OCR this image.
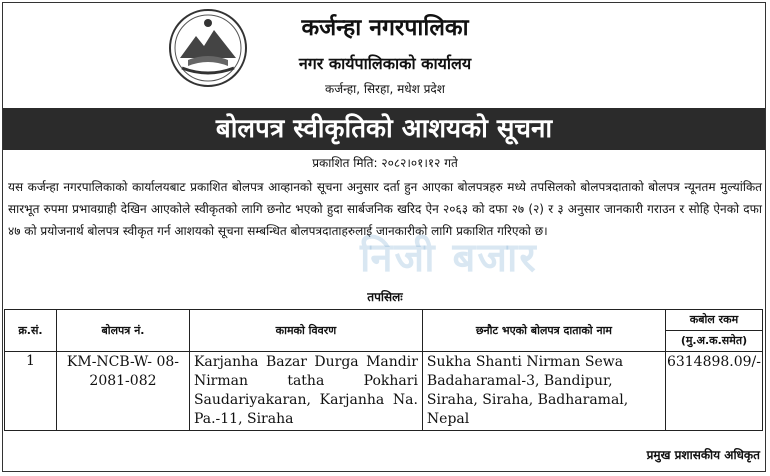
कर्जन्हा नगरपालिका
नगर कार्यपालिकाको कार्यालय
कर्जन्हा, सिरहा, मधेश प्रदेश
बोलपत्र स्वीकृतिको आशयको सूचना
प्रकाशित मिति: २०८२।०१।१२ गते
यस कर्जन्हा नगरपालिकाको कार्यालयबाट प्रकाशित बोलपत्र आव्हानको सूचना अनुसार दर्ता हुन आएका बोलपत्रहरु मध्ये तपसिलको बोलपत्रदाताको बोलपत्र न्यूनतम मुल्यांकित सारभूत रुपमा प्रभावग्राही देखिन आएकोले स्वीकृतको लागि छनोट भएको हुदा सार्बजनिक खरिद ऐन २०६३ को दफा २७ (२) र ३ अनुसार जानकारी गराउन र सोहि ऐनको दफा ४७ को प्रयोजनार्थ बोलपत्र स्वीकृत गर्न आशयको सूचना सम्बन्धित बोलपत्रदाताहरुलाई जानकारीको लागि प्रकाशित गरिएको छ।
निजी बजार
तपसिलः
क्र.सं.	बोलपत्र नं.	कामको विवरण	छनौट भएको बोलपत्र दाताको नाम	कबोल रकम
(मु.अ.क.समेत)

1	KM-NCB-W- 08-2081-082	Karjanha Bazar Durga Mandir Nirman tatha Pokhari Saudariyakaran, Karjanha Na. Pa.-11, Siraha	Sukha Shanti Nirman Sewa Badaharamal-3, Bandipur, Siraha, Siraha, Badharamal, Nepal	6314898.09/-
प्रमुख प्रशासकीय अधिकृत
